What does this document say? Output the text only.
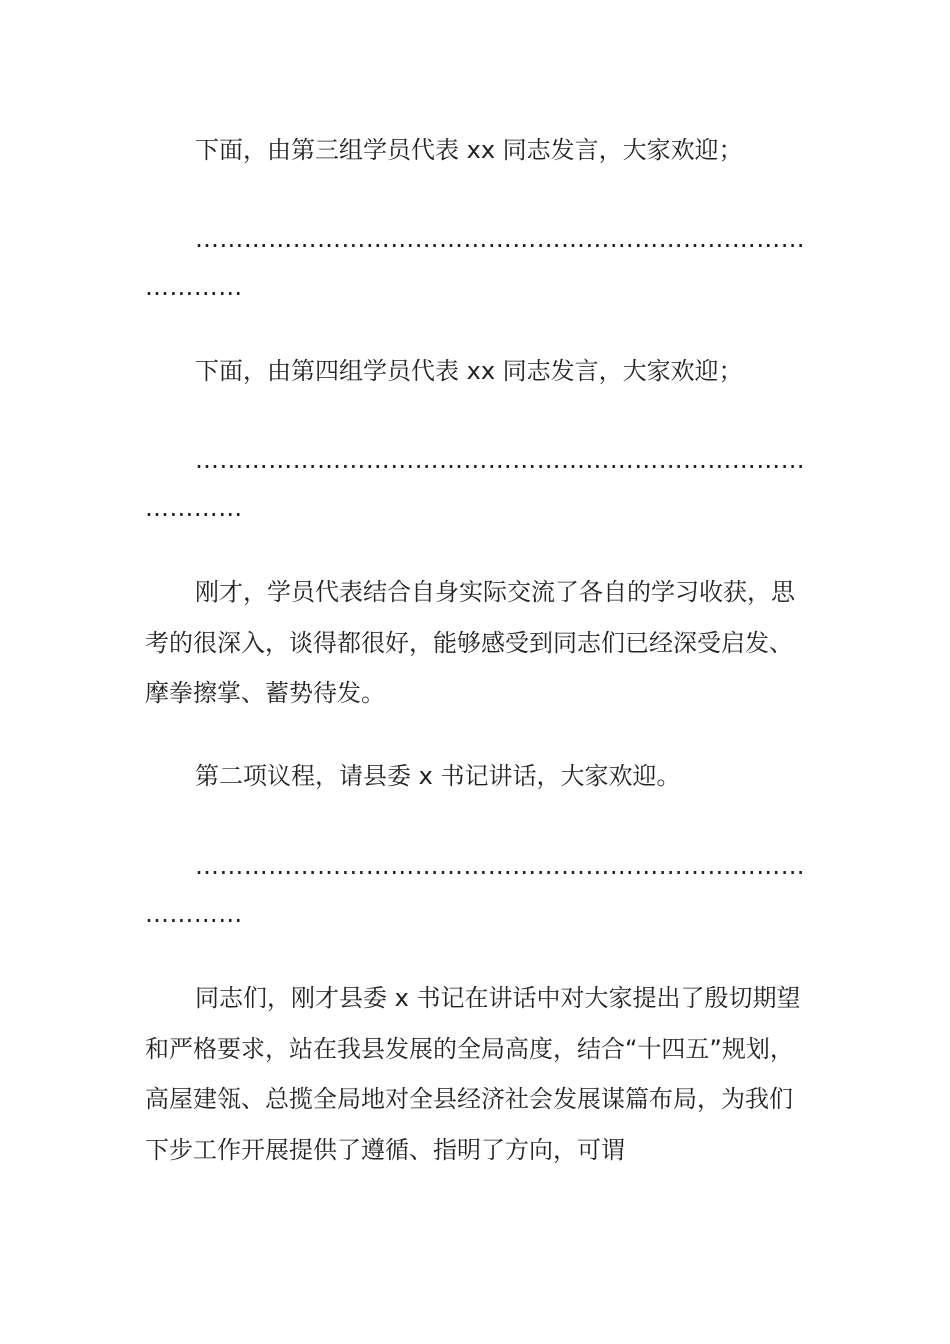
下面，由第三组学员代表 xx 同志发言，大家欢迎；

……………………………………………………………………………

下面，由第四组学员代表 xx 同志发言，大家欢迎；

……………………………………………………………………………

刚才，学员代表结合自身实际交流了各自的学习收获，思考的很深入，谈得都很好，能够感受到同志们已经深受启发、摩拳擦掌、蓄势待发。

第二项议程，请县委 x 书记讲话，大家欢迎。

……………………………………………………………………………

同志们，刚才县委 x 书记在讲话中对大家提出了殷切期望和严格要求，站在我县发展的全局高度，结合“十四五”规划，高屋建瓴、总揽全局地对全县经济社会发展谋篇布局，为我们下步工作开展提供了遵循、指明了方向，可谓
